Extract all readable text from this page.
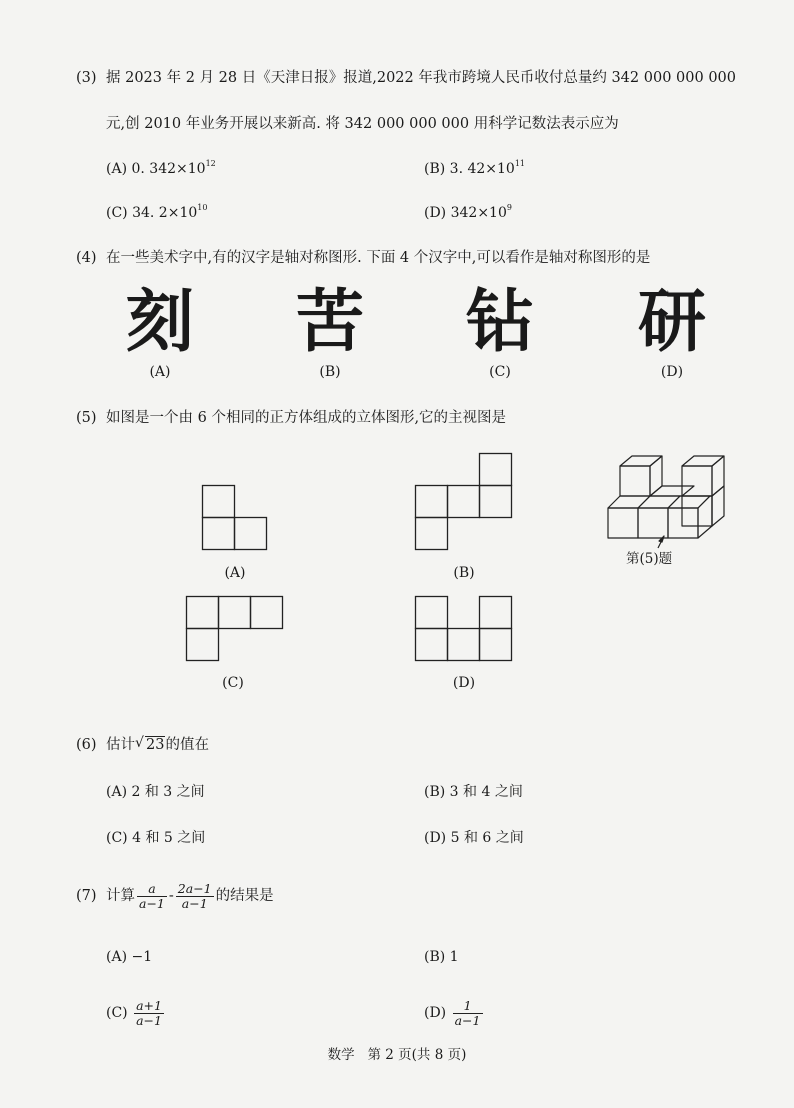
(3) 据 2023 年 2 月 28 日《天津日报》报道,2022 年我市跨境人民币收付总量约 342 000 000 000
元,创 2010 年业务开展以来新高. 将 342 000 000 000 用科学记数法表示应为
(A) 0. $342\times 10^{12}$	(B) 3. $42\times 10^{11}$
(C) 34. $2\times 10^{10}$	(D) $342\times 10^9$
(4) 在一些美术字中,有的汉字是轴对称图形. 下面 4 个汉字中,可以看作是轴对称图形的是
刻 苦 钻 研
(A)	(B)	(C)	(D)
(5) 如图是一个由 6 个相同的正方体组成的立体图形,它的主视图是
(A)	(B)
(C)	(D)
第(5)题
(6) 估计 √ 23的值在
(A) 2 和 3 之间	(B) 3 和 4 之间
(C) 4 和 5 之间	(D) 5 和 6 之间
(7) 计算 $\frac{a}{a-1} - \frac{2a-1}{a-1}$ 的结果是
(A) −1	(B) 1
$(C) \frac{a+1}{a-1}$	$(D) \frac{1}{a-1}$
数学   第 2 页(共 8 页)
